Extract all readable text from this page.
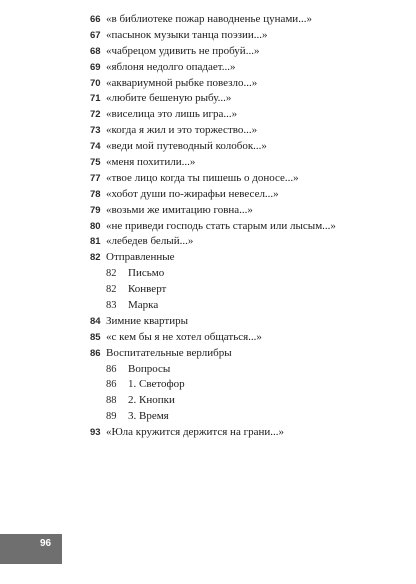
66 «в библиотеке пожар наводненье цунами...»
67 «пасынок музыки танца поэзии...»
68 «чабрецом удивить не пробуй...»
69 «яблоня недолго опадает...»
70 «аквариумной рыбке повезло...»
71 «любите бешеную рыбу...»
72 «виселица это лишь игра...»
73 «когда я жил и это торжество...»
74 «веди мой путеводный колобок...»
75 «меня похитили...»
77 «твое лицо когда ты пишешь о доносе...»
78 «хобот души по-жирафьи невесел...»
79 «возьми же имитацию говна...»
80 «не приведи господь стать старым или лысым...»
81 «лебедев белый...»
82 Отправленные
82 Письмо
82 Конверт
83 Марка
84 Зимние квартиры
85 «с кем бы я не хотел общаться...»
86 Воспитательные верлибры
86 Вопросы
86 1. Светофор
88 2. Кнопки
89 3. Время
93 «Юла кружится держится на грани...»
96
